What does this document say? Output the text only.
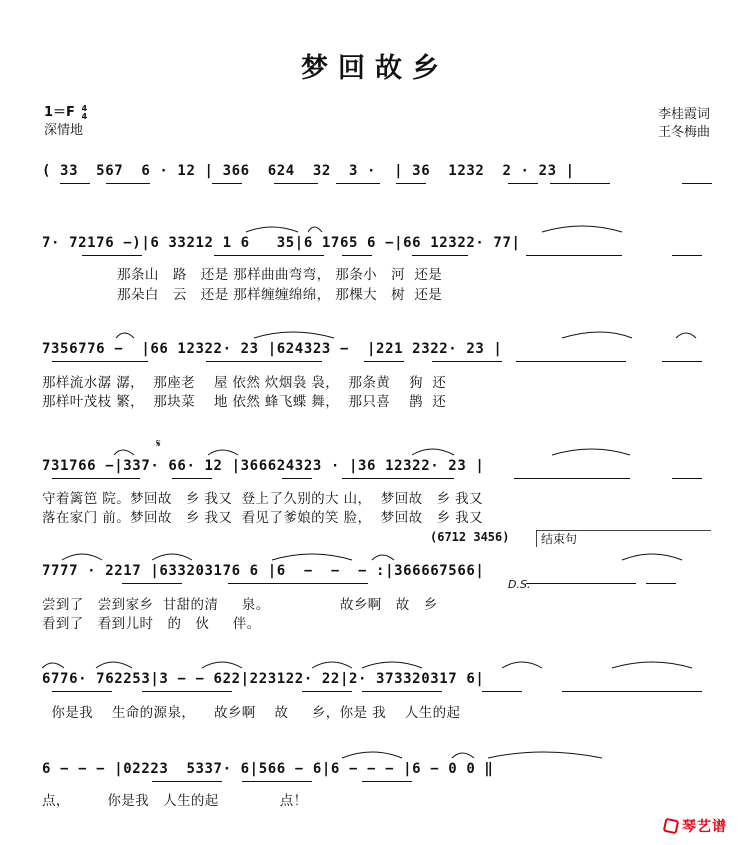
梦回故乡
1＝F 4
4
深情地
李桂霞词
王冬梅曲
( 33  567  6 · 12 | 366  624  32  3 ·  | 36  1232  2 · 23 |
7· 72176 −)|6 33212 1 6   35|6 1765 6 −|66 12322· 77|
那条山   路   还是 那样曲曲弯弯， 那条小   河  还是
那朵白   云   还是 那样缠缠绵绵， 那棵大   树  还是
7356776 −  |66 12322· 23 |624323 −  |221 2322· 23 |
那样流水潺 潺，  那座老    屋 依然 炊烟袅 袅，  那条黄    狗  还
那样叶茂枝 繁，  那块菜    地 依然 蜂飞蝶 舞，  那只喜    鹊  还
𝄋
731766 −|337· 66· 12 |366624323 · |36 12322· 23 |
守着篱笆 院。梦回故   乡 我又  登上了久别的大 山，  梦回故   乡 我又
落在家门 前。梦回故   乡 我又  看见了爹娘的笑 脸，  梦回故   乡 我又
(6712 3456)	结束句
7777 · 2217 |633203176 6 |6  −  −  − :|366667566|
D.S.
尝到了   尝到家乡  甘甜的清     泉。               故乡啊   故   乡
看到了   看到儿时   的   伙     伴。
6776· 762253|3 − − 622|223122· 22|2· 373320317 6|
你是我    生命的源泉，    故乡啊    故     乡，你是 我    人生的起
6 − − − |02223  5337· 6|566 − 6|6 − − − |6 − 0 0 ‖
点，        你是我   人生的起             点！
琴艺谱
